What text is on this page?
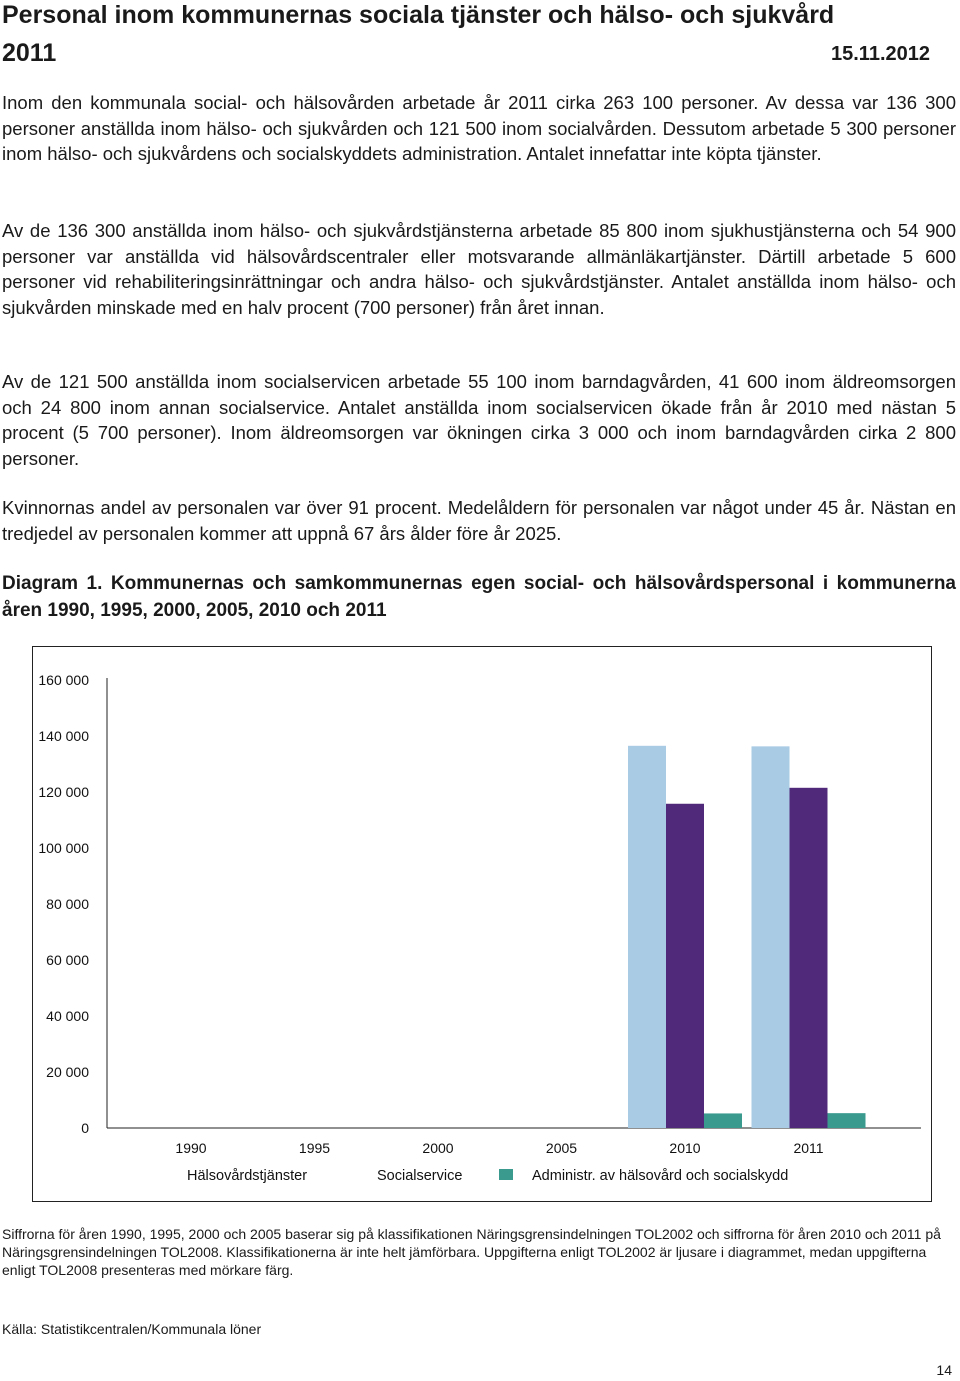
Personal inom kommunernas sociala tjänster och hälso- och sjukvård
2011	15.11.2012

Inom den kommunala social- och hälsovården arbetade år 2011 cirka 263 100 personer. Av dessa var 136 300 personer anställda inom hälso- och sjukvården och 121 500 inom socialvården. Dessutom arbetade 5 300 personer inom hälso- och sjukvårdens och socialskyddets administration. Antalet innefattar inte köpta tjänster.

Av de 136 300 anställda inom hälso- och sjukvårdstjänsterna arbetade 85 800 inom sjukhustjänsterna och 54 900 personer var anställda vid hälsovårdscentraler eller motsvarande allmänläkartjänster. Därtill arbetade 5 600 personer vid rehabiliteringsinrättningar och andra hälso- och sjukvårdstjänster. Antalet anställda inom hälso- och sjukvården minskade med en halv procent (700 personer) från året innan.

Av de 121 500 anställda inom socialservicen arbetade 55 100 inom barndagvården, 41 600 inom äldreomsorgen och 24 800 inom annan socialservice. Antalet anställda inom socialservicen ökade från år 2010 med nästan 5 procent (5 700 personer). Inom äldreomsorgen var ökningen cirka 3 000 och inom barndagvården cirka 2 800 personer.

Kvinnornas andel av personalen var över 91 procent. Medelåldern för personalen var något under 45 år. Nästan en tredjedel av personalen kommer att uppnå 67 års ålder före år 2025.

Diagram 1. Kommunernas och samkommunernas egen social- och hälsovårdspersonal i kommunerna åren 1990, 1995, 2000, 2005, 2010 och 2011

160 000
140 000
120 000
100 000
80 000
60 000
40 000
20 000
0
1990	1995	2000	2005	2010	2011
Hälsovårdstjänster	Socialservice	Administr. av hälsovård och socialskydd

Siffrorna för åren 1990, 1995, 2000 och 2005 baserar sig på klassifikationen Näringsgrensindelningen TOL2002 och siffrorna för åren 2010 och 2011 på Näringsgrensindelningen TOL2008. Klassifikationerna är inte helt jämförbara. Uppgifterna enligt TOL2002 är ljusare i diagrammet, medan uppgifterna enligt TOL2008 presenteras med mörkare färg.

Källa: Statistikcentralen/Kommunala löner
14
